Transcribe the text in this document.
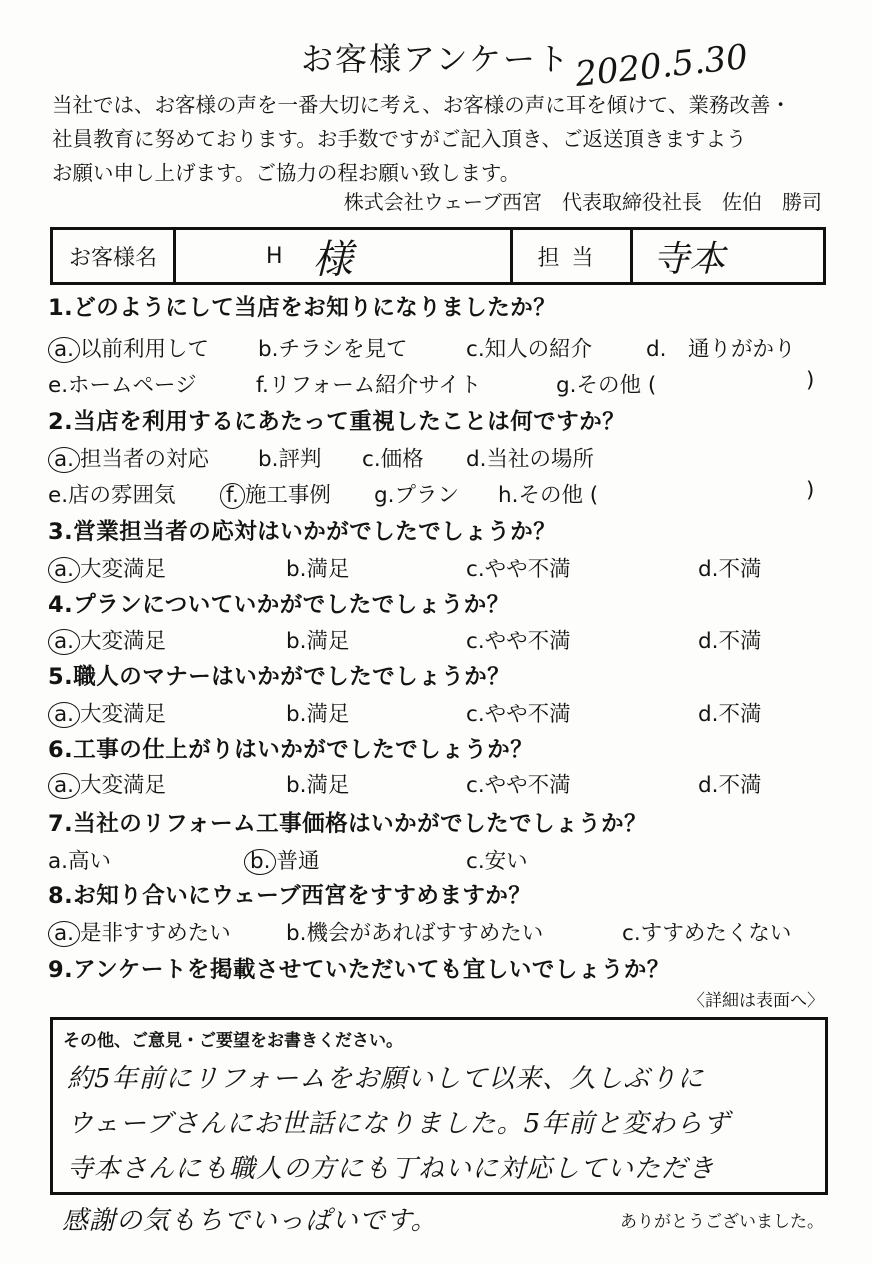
お客様アンケート 2020.5.30
当社では、お客様の声を一番大切に考え、お客様の声に耳を傾けて、業務改善・
社員教育に努めております。お手数ですがご記入頂き、ご返送頂きますよう
お願い申し上げます。ご協力の程お願い致します。
株式会社ウェーブ西宮　代表取締役社長　佐伯　勝司
お客様名	H 様	担当	寺本
1.どのようにして当店をお知りになりましたか？
a. 以前利用して b.チラシを見て	c.知人の紹介	d.　通りがかり
e.ホームページ	f.リフォーム紹介サイト	g.その他 (	)
2.当店を利用するにあたって重視したことは何ですか？
a. 担当者の対応 b.評判 c.価格 d.当社の場所
e.店の雰囲気 f. 施工事例 g.プラン h.その他 (	)
3.営業担当者の応対はいかがでしたでしょうか？
a. 大変満足	b.満足	c.やや不満	d.不満
4.プランについていかがでしたでしょうか？
a. 大変満足	b.満足	c.やや不満	d.不満
5.職人のマナーはいかがでしたでしょうか？
a. 大変満足	b.満足	c.やや不満	d.不満
6.工事の仕上がりはいかがでしたでしょうか？
a. 大変満足	b.満足	c.やや不満	d.不満
7.当社のリフォーム工事価格はいかがでしたでしょうか？
a.高い	b. 普通	c.安い
8.お知り合いにウェーブ西宮をすすめますか？
a. 是非すすめたい	b.機会があればすすめたい	c.すすめたくない
9.アンケートを掲載させていただいても宜しいでしょうか？
〈詳細は表面へ〉
その他、ご意見・ご要望をお書きください。
約5年前にリフォームをお願いして以来、久しぶりに
ウェーブさんにお世話になりました。5年前と変わらず
寺本さんにも職人の方にも丁ねいに対応していただき
感謝の気もちでいっぱいです。	ありがとうございました。
